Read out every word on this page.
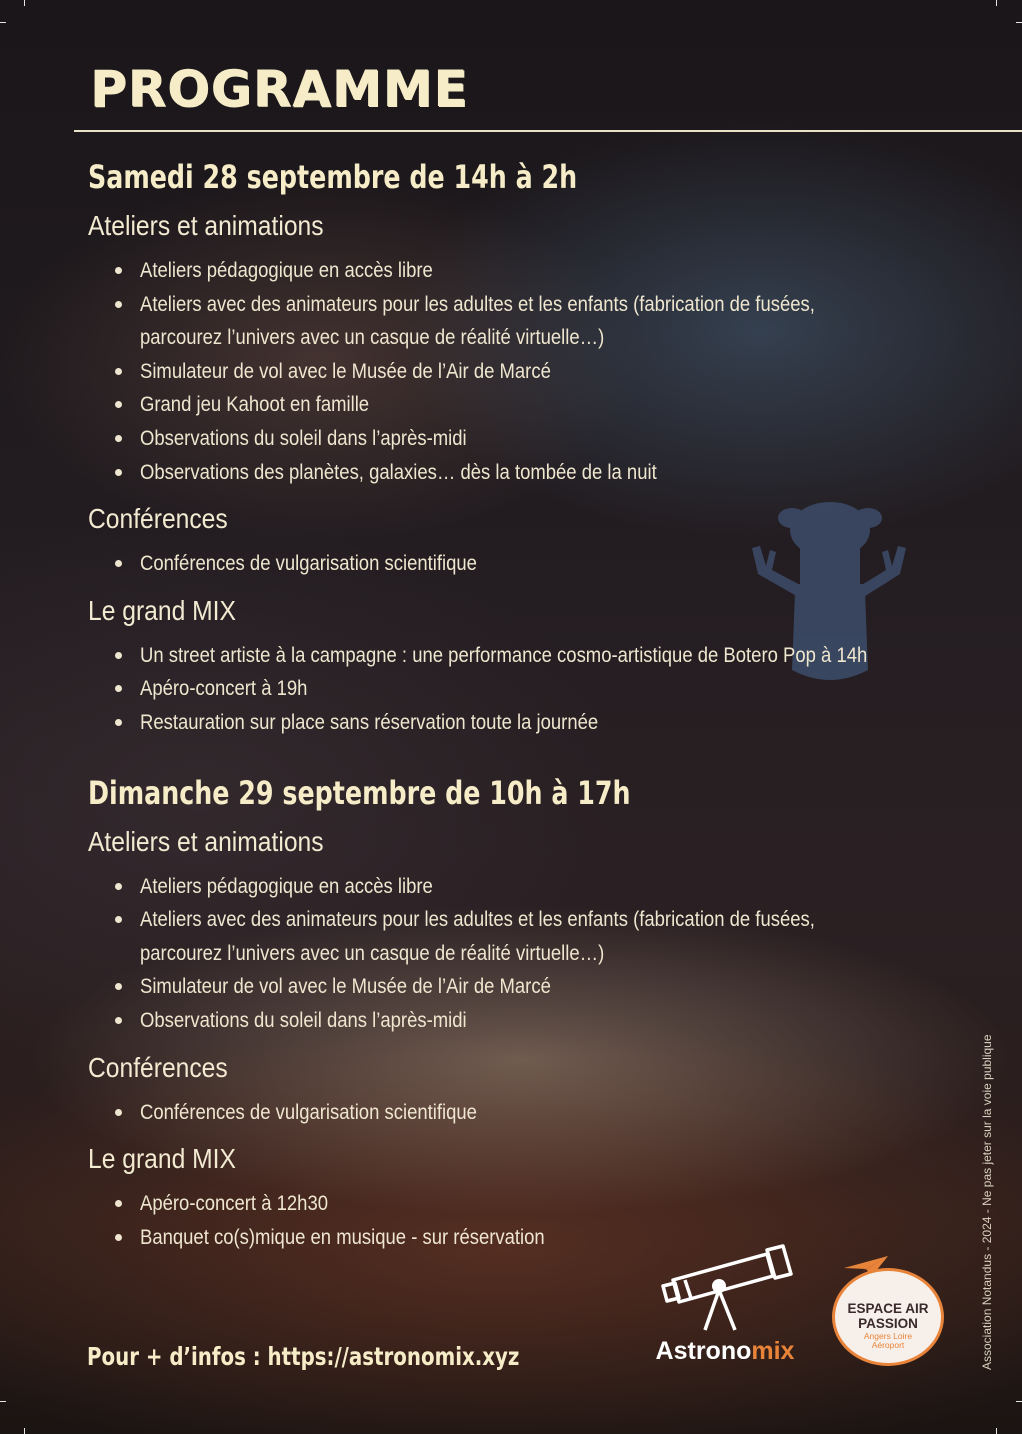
PROGRAMME
Samedi 28 septembre de 14h à 2h
Ateliers et animations
Ateliers pédagogique en accès libre
Ateliers avec des animateurs pour les adultes et les enfants (fabrication de fusées,
parcourez l’univers avec un casque de réalité virtuelle…)
Simulateur de vol avec le Musée de l’Air de Marcé
Grand jeu Kahoot en famille
Observations du soleil dans l’après-midi
Observations des planètes, galaxies… dès la tombée de la nuit
Conférences
Conférences de vulgarisation scientifique
Le grand MIX
Un street artiste à la campagne : une performance cosmo-artistique de Botero Pop à 14h
Apéro-concert à 19h
Restauration sur place sans réservation toute la journée
Dimanche 29 septembre de 10h à 17h
Ateliers et animations
Ateliers pédagogique en accès libre
Ateliers avec des animateurs pour les adultes et les enfants (fabrication de fusées,
parcourez l’univers avec un casque de réalité virtuelle…)
Simulateur de vol avec le Musée de l’Air de Marcé
Observations du soleil dans l’après-midi
Conférences
Conférences de vulgarisation scientifique
Le grand MIX
Apéro-concert à 12h30
Banquet co(s)mique en musique - sur réservation

Pour + d’infos : https://astronomix.xyz	Astronomix
ESPACE AIR
PASSION
Angers Loire
Aéroport	Association Notandus - 2024 - Ne pas jeter sur la voie publique
